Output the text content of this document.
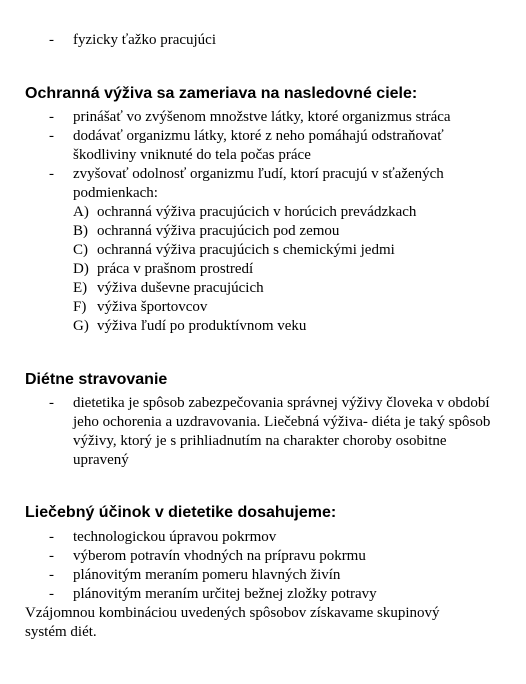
- fyzicky ťažko pracujúci
Ochranná výživa sa zameriava na nasledovné ciele:
- prinášať vo zvýšenom množstve látky, ktoré organizmus stráca
- dodávať organizmu látky, ktoré z neho pomáhajú odstraňovať škodliviny vniknuté do tela počas práce
- zvyšovať odolnosť organizmu ľudí, ktorí pracujú v sťažených podmienkach:
A) ochranná výživa pracujúcich v horúcich prevádzkach
B) ochranná výživa pracujúcich pod zemou
C) ochranná výživa pracujúcich s chemickými jedmi
D) práca v prašnom prostredí
E) výživa duševne pracujúcich
F) výživa športovcov
G) výživa ľudí po produktívnom veku
Diétne stravovanie
- dietetika je spôsob zabezpečovania správnej výživy človeka v období jeho ochorenia a uzdravovania. Liečebná výživa- diéta je taký spôsob výživy, ktorý je s prihliadnutím na charakter choroby osobitne upravený
Liečebný účinok v dietetike dosahujeme:
- technologickou úpravou pokrmov
- výberom potravín vhodných na prípravu pokrmu
- plánovitým meraním pomeru hlavných živín
- plánovitým meraním určitej bežnej zložky potravy

Vzájomnou kombináciou uvedených spôsobov získavame skupinový systém diét.
